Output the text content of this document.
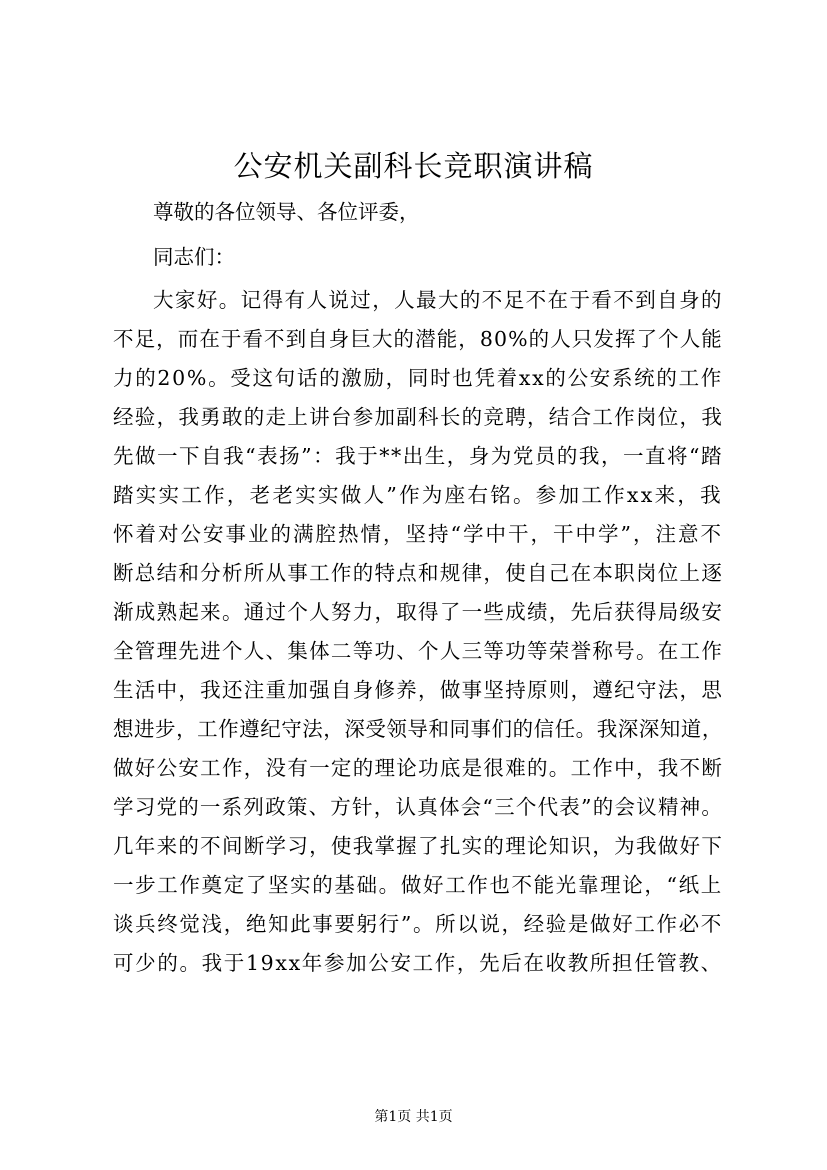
公安机关副科长竞职演讲稿
尊敬的各位领导、各位评委，
同志们：
大家好。记得有人说过，人最大的不足不在于看不到自身的
不足，而在于看不到自身巨大的潜能，80%的人只发挥了个人能
力的20%。受这句话的激励，同时也凭着xx的公安系统的工作
经验，我勇敢的走上讲台参加副科长的竞聘，结合工作岗位，我
先做一下自我“表扬”：我于**出生，身为党员的我，一直将“踏
踏实实工作，老老实实做人”作为座右铭。参加工作xx来，我
怀着对公安事业的满腔热情，坚持“学中干，干中学”，注意不
断总结和分析所从事工作的特点和规律，使自己在本职岗位上逐
渐成熟起来。通过个人努力，取得了一些成绩，先后获得局级安
全管理先进个人、集体二等功、个人三等功等荣誉称号。在工作
生活中，我还注重加强自身修养，做事坚持原则，遵纪守法，思
想进步，工作遵纪守法，深受领导和同事们的信任。我深深知道，
做好公安工作，没有一定的理论功底是很难的。工作中，我不断
学习党的一系列政策、方针，认真体会“三个代表”的会议精神。
几年来的不间断学习，使我掌握了扎实的理论知识，为我做好下
一步工作奠定了坚实的基础。做好工作也不能光靠理论，“纸上
谈兵终觉浅，绝知此事要躬行”。所以说，经验是做好工作必不
可少的。我于19xx年参加公安工作，先后在收教所担任管教、
第1页 共1页
